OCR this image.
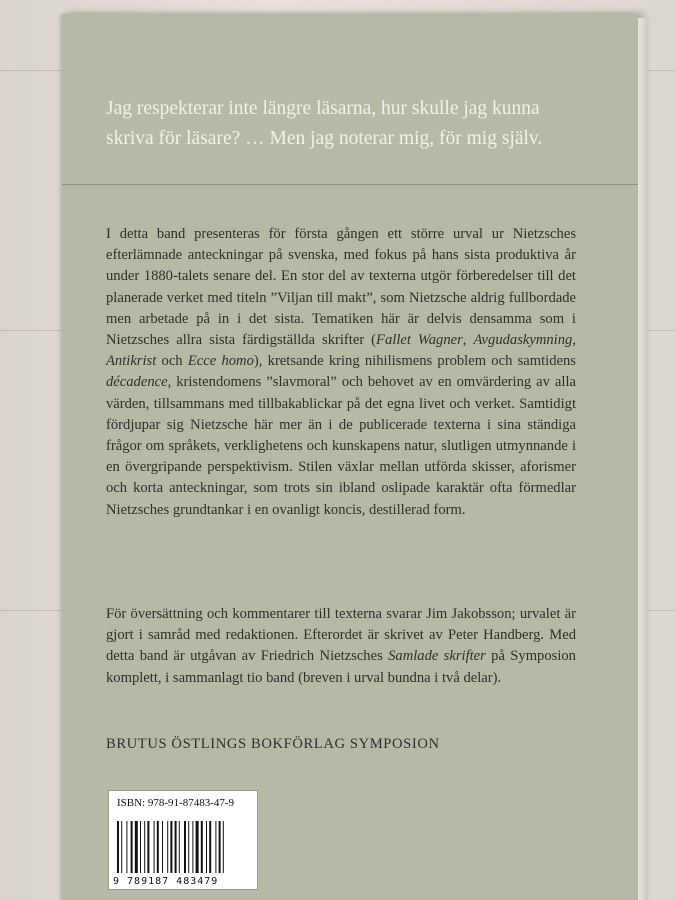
Jag respekterar inte längre läsarna, hur skulle jag kunna
skriva för läsare? … Men jag noterar mig, för mig själv.

I detta band presenteras för första gången ett större urval ur Nietzsches efterlämnade anteckningar på svenska, med fokus på hans sista produktiva år under 1880-talets senare del. En stor del av texterna utgör förberedelser till det planerade verket med titeln ”Viljan till makt”, som Nietzsche aldrig fullbordade men arbetade på in i det sista. Tematiken här är delvis densamma som i Nietzsches allra sista färdigställda skrifter (Fallet Wagner, Avgudaskymning, Antikrist och Ecce homo), kretsande kring nihilismens problem och samtidens décadence, kristendomens ”slavmoral” och behovet av en omvärdering av alla värden, tillsammans med tillbakablickar på det egna livet och verket. Samtidigt fördjupar sig Nietzsche här mer än i de publicerade texterna i sina ständiga frågor om språkets, verklighetens och kunskapens natur, slutligen utmynnande i en övergripande perspektivism. Stilen växlar mellan utförda skisser, aforismer och korta anteckningar, som trots sin ibland oslipade karaktär ofta förmedlar Nietzsches grundtankar i en ovanligt koncis, destillerad form.

För översättning och kommentarer till texterna svarar Jim Jakobsson; urvalet är gjort i samråd med redaktionen. Efterordet är skrivet av Peter Handberg. Med detta band är utgåvan av Friedrich Nietzsches Samlade skrifter på Symposion komplett, i sammanlagt tio band (breven i urval bundna i två delar).

BRUTUS ÖSTLINGS BOKFÖRLAG SYMPOSION
ISBN: 978-91-87483-47-9
9 789187 483479
